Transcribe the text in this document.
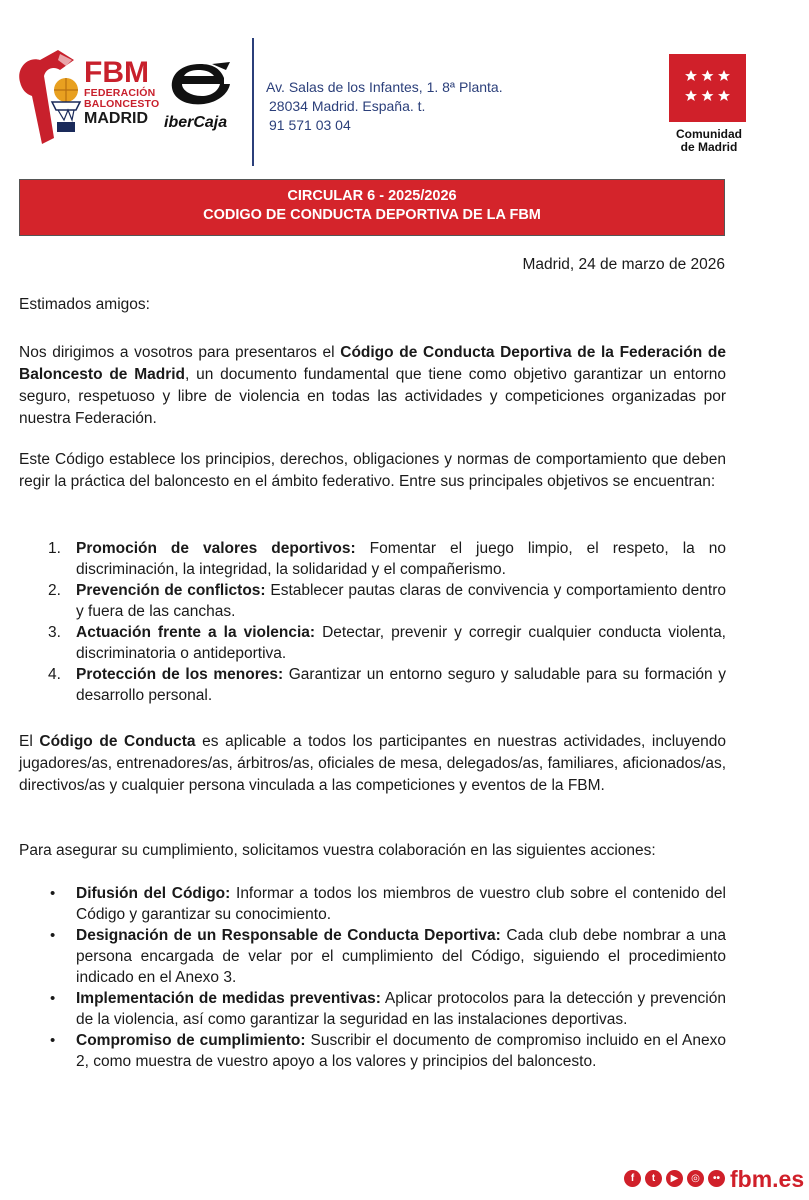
FBM
FEDERACIÓN
BALONCESTO
MADRID	iberCaja
Av. Salas de los Infantes, 1. 8ª Planta.
28034 Madrid. España. t.
91 571 03 04
Comunidad
de Madrid
CIRCULAR 6 - 2025/2026
CODIGO DE CONDUCTA DEPORTIVA DE LA FBM
Madrid, 24 de marzo de 2026
Estimados amigos:
Nos dirigimos a vosotros para presentaros el Código de Conducta Deportiva de la Federación de Baloncesto de Madrid, un documento fundamental que tiene como objetivo garantizar un entorno seguro, respetuoso y libre de violencia en todas las actividades y competiciones organizadas por nuestra Federación.
Este Código establece los principios, derechos, obligaciones y normas de comportamiento que deben regir la práctica del baloncesto en el ámbito federativo. Entre sus principales objetivos se encuentran:
1. Promoción de valores deportivos: Fomentar el juego limpio, el respeto, la no discriminación, la integridad, la solidaridad y el compañerismo.
2. Prevención de conflictos: Establecer pautas claras de convivencia y comportamiento dentro y fuera de las canchas.
3. Actuación frente a la violencia: Detectar, prevenir y corregir cualquier conducta violenta, discriminatoria o antideportiva.
4. Protección de los menores: Garantizar un entorno seguro y saludable para su formación y desarrollo personal.
El Código de Conducta es aplicable a todos los participantes en nuestras actividades, incluyendo jugadores/as, entrenadores/as, árbitros/as, oficiales de mesa, delegados/as, familiares, aficionados/as, directivos/as y cualquier persona vinculada a las competiciones y eventos de la FBM.
Para asegurar su cumplimiento, solicitamos vuestra colaboración en las siguientes acciones:
• Difusión del Código: Informar a todos los miembros de vuestro club sobre el contenido del Código y garantizar su conocimiento.
• Designación de un Responsable de Conducta Deportiva: Cada club debe nombrar a una persona encargada de velar por el cumplimiento del Código, siguiendo el procedimiento indicado en el Anexo 3.
• Implementación de medidas preventivas: Aplicar protocolos para la detección y prevención de la violencia, así como garantizar la seguridad en las instalaciones deportivas.
• Compromiso de cumplimiento: Suscribir el documento de compromiso incluido en el Anexo 2, como muestra de vuestro apoyo a los valores y principios del baloncesto.
f	t	▶	◎	•• fbm.es
